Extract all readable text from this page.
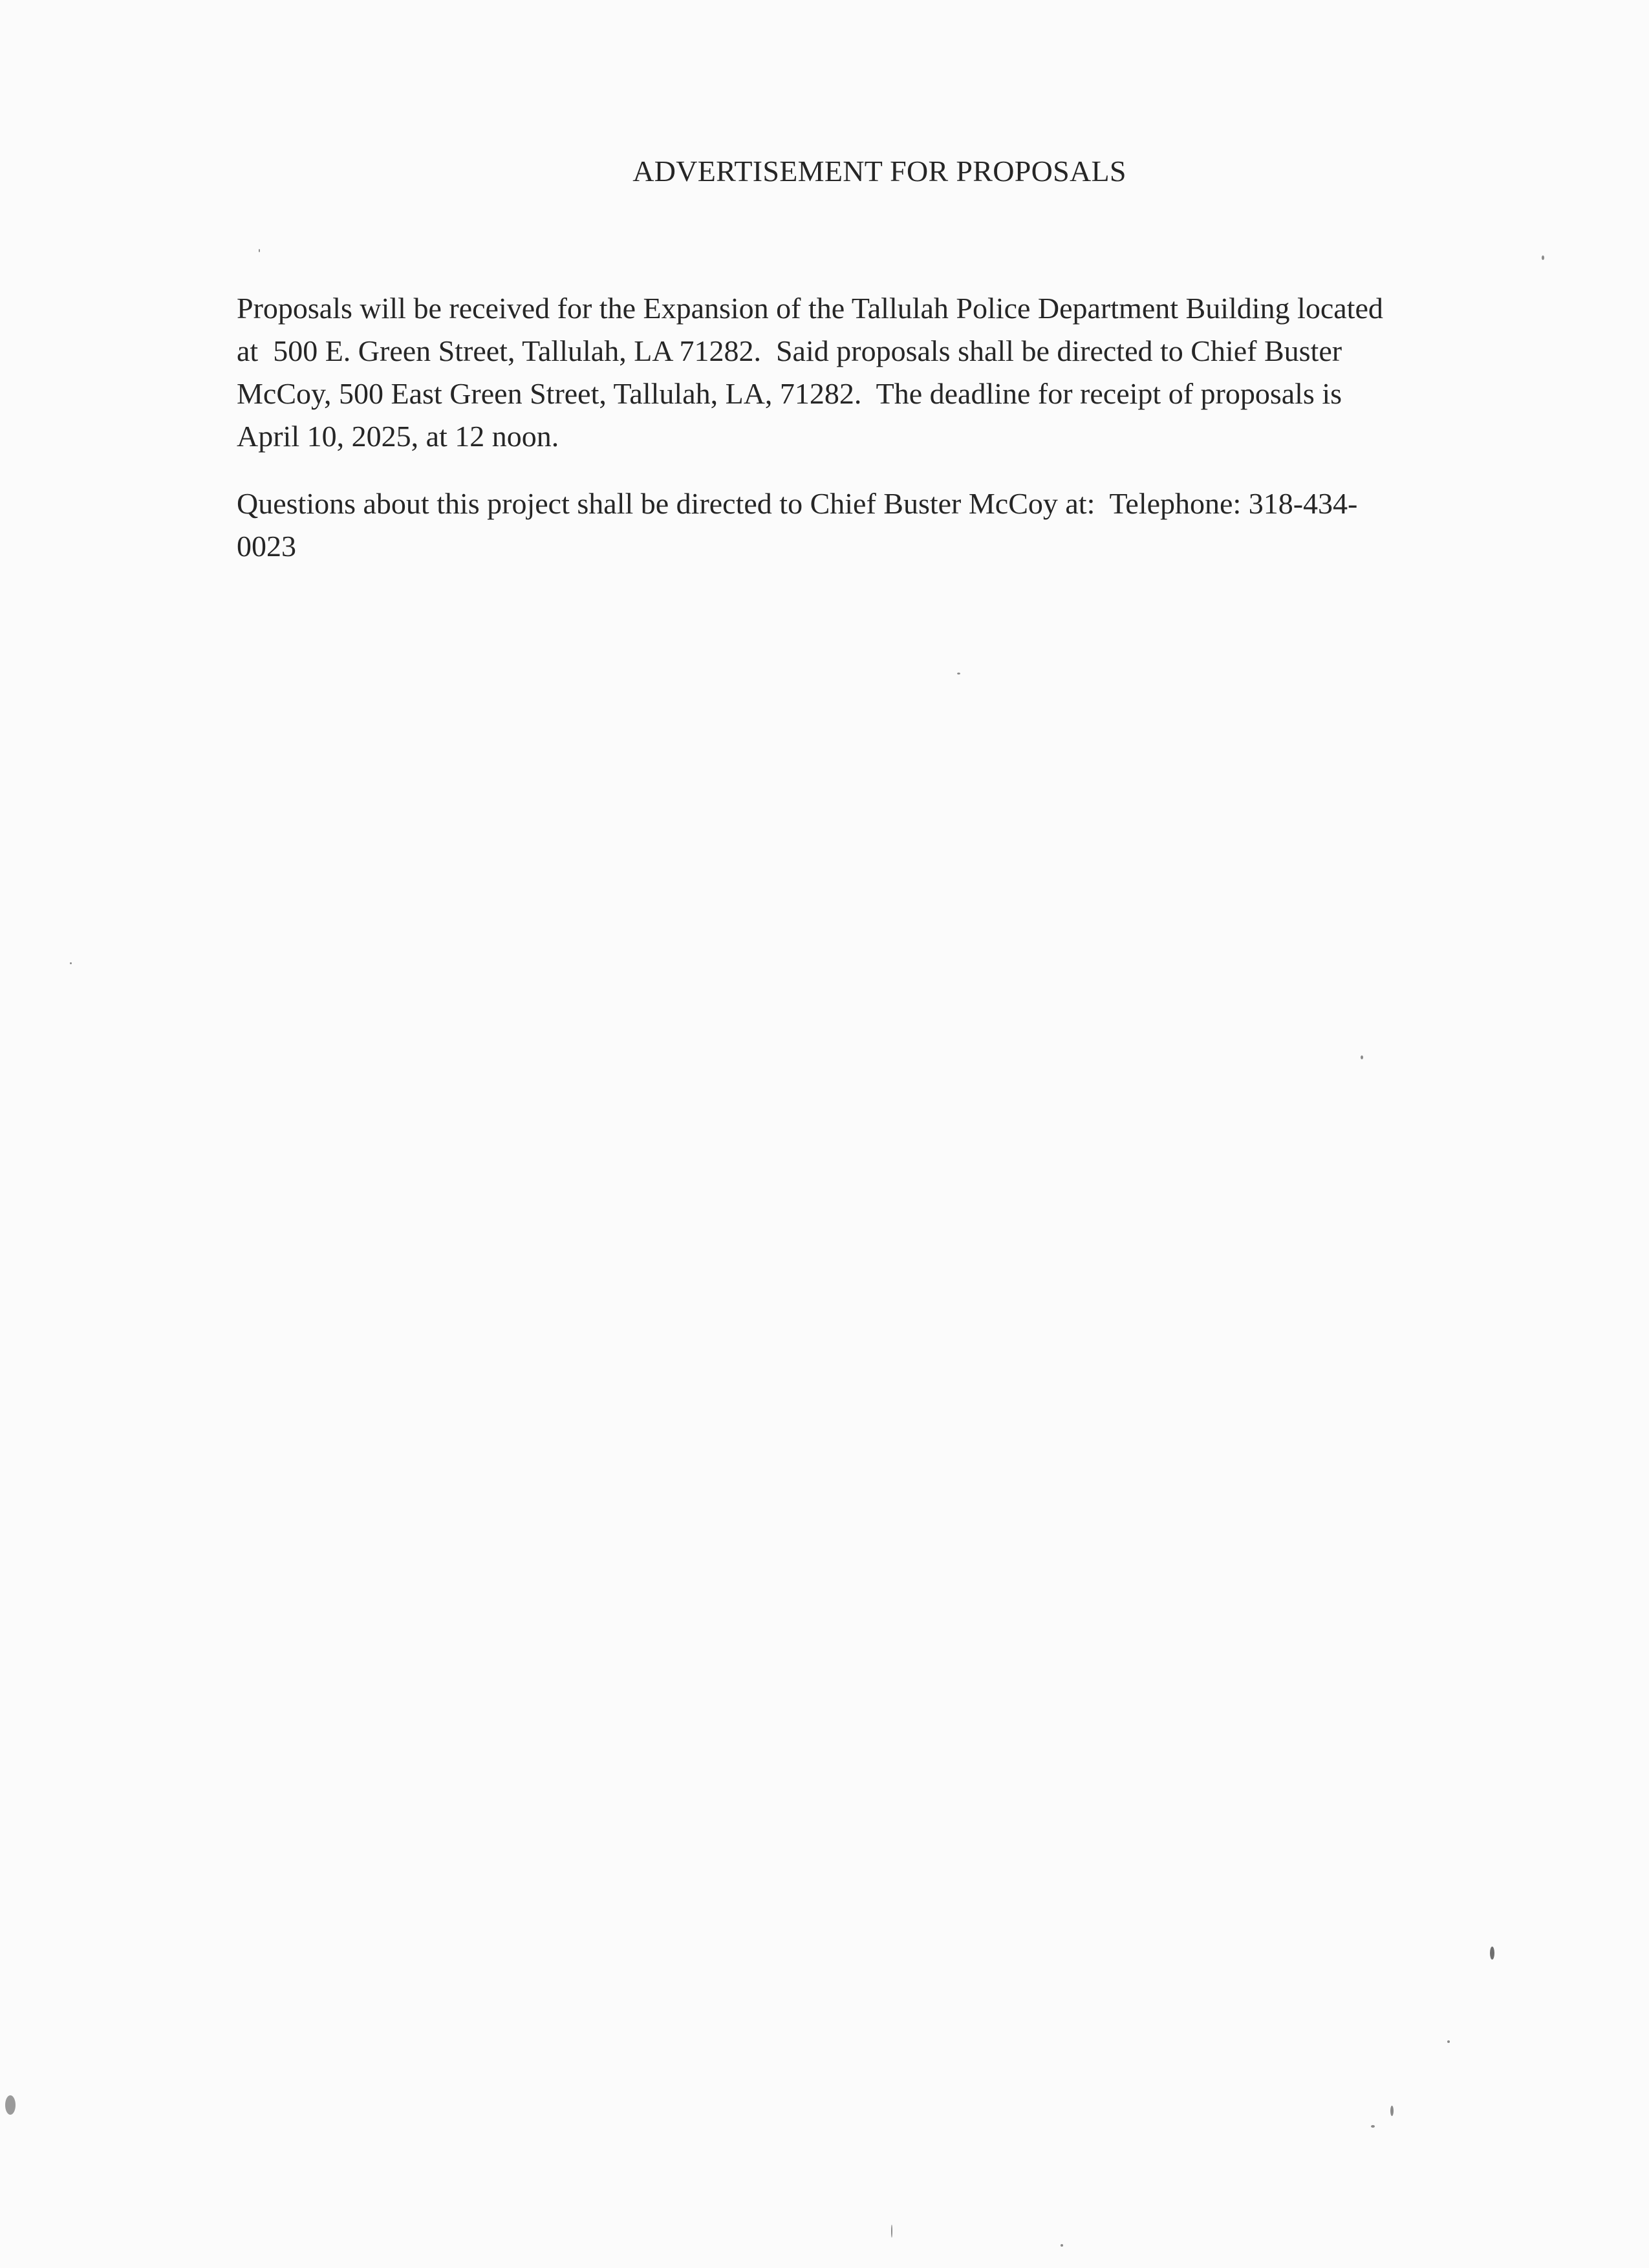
ADVERTISEMENT FOR PROPOSALS

Proposals will be received for the Expansion of the Tallulah Police Department Building located

at  500 E. Green Street, Tallulah, LA 71282.  Said proposals shall be directed to Chief Buster

McCoy, 500 East Green Street, Tallulah, LA, 71282.  The deadline for receipt of proposals is

April 10, 2025, at 12 noon.

Questions about this project shall be directed to Chief Buster McCoy at:  Telephone: 318-434-

0023
